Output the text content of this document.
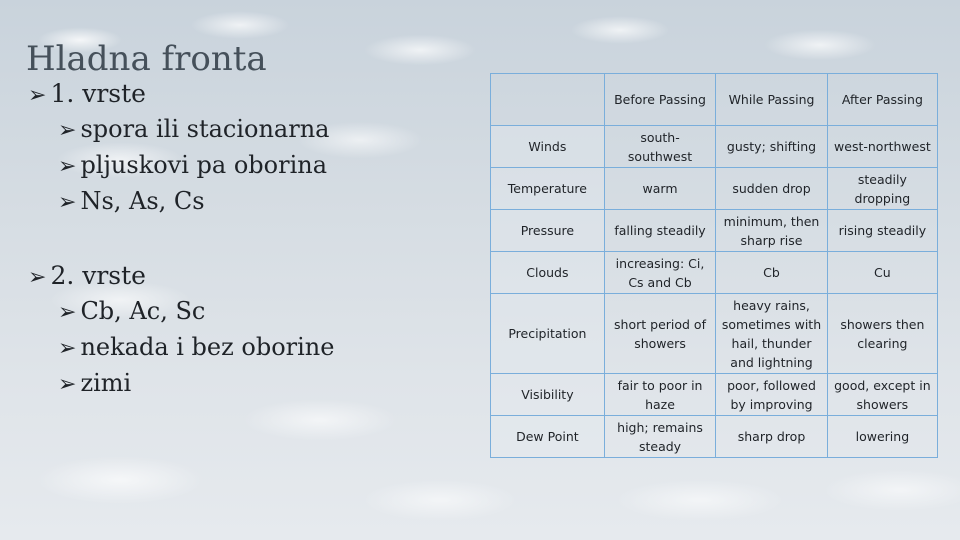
Hladna fronta

➢ 1. vrste

➢ spora ili stacionarna

➢ pljuskovi pa oborina

➢ Ns, As, Cs

➢ 2. vrste

➢ Cb, Ac, Sc

➢ nekada i bez oborine

➢ zimi

	Before Passing	While Passing	After Passing
Winds	south-southwest	gusty; shifting	west-northwest
Temperature	warm	sudden drop	steadily dropping
Pressure	falling steadily	minimum, then sharp rise	rising steadily
Clouds	increasing: Ci, Cs and Cb	Cb	Cu
Precipitation	short period of showers	heavy rains, sometimes with hail, thunder and lightning	showers then clearing
Visibility	fair to poor in haze	poor, followed by improving	good, except in showers
Dew Point	high; remains steady	sharp drop	lowering
